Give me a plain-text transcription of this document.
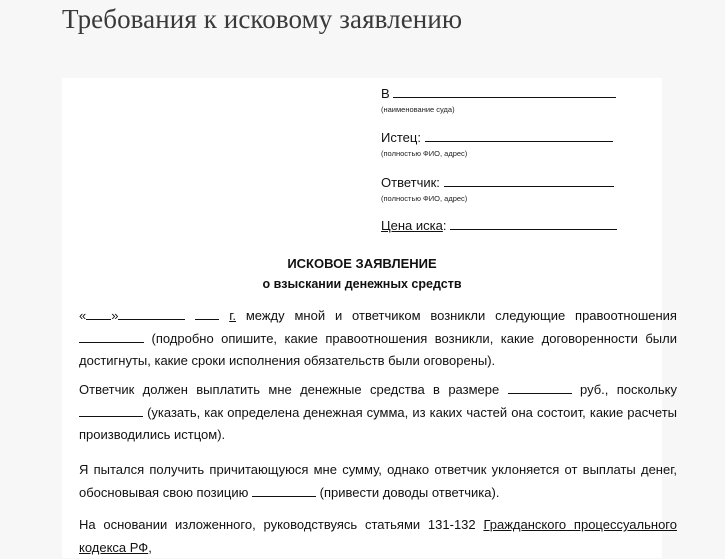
Требования к исковому заявлению
В
(наименование суда)
Истец:
(полностью ФИО, адрес)
Ответчик:
(полностью ФИО, адрес)
Цена иска:
ИСКОВОЕ ЗАЯВЛЕНИЕ
о взыскании денежных средств
« »	г. между мной и ответчиком возникли следующие правоотношения  (подробно опишите, какие правоотношения возникли, какие договоренности были достигнуты, какие сроки исполнения обязательств были оговорены).
Ответчик должен выплатить мне денежные средства в размере	руб., поскольку  (указать, как определена денежная сумма, из каких частей она состоит, какие расчеты производились истцом).
Я пытался получить причитающуюся мне сумму, однако ответчик уклоняется от выплаты денег, обосновывая свою позицию	(привести доводы ответчика).
На основании изложенного, руководствуясь статьями 131-132 Гражданского процессуального кодекса РФ,
